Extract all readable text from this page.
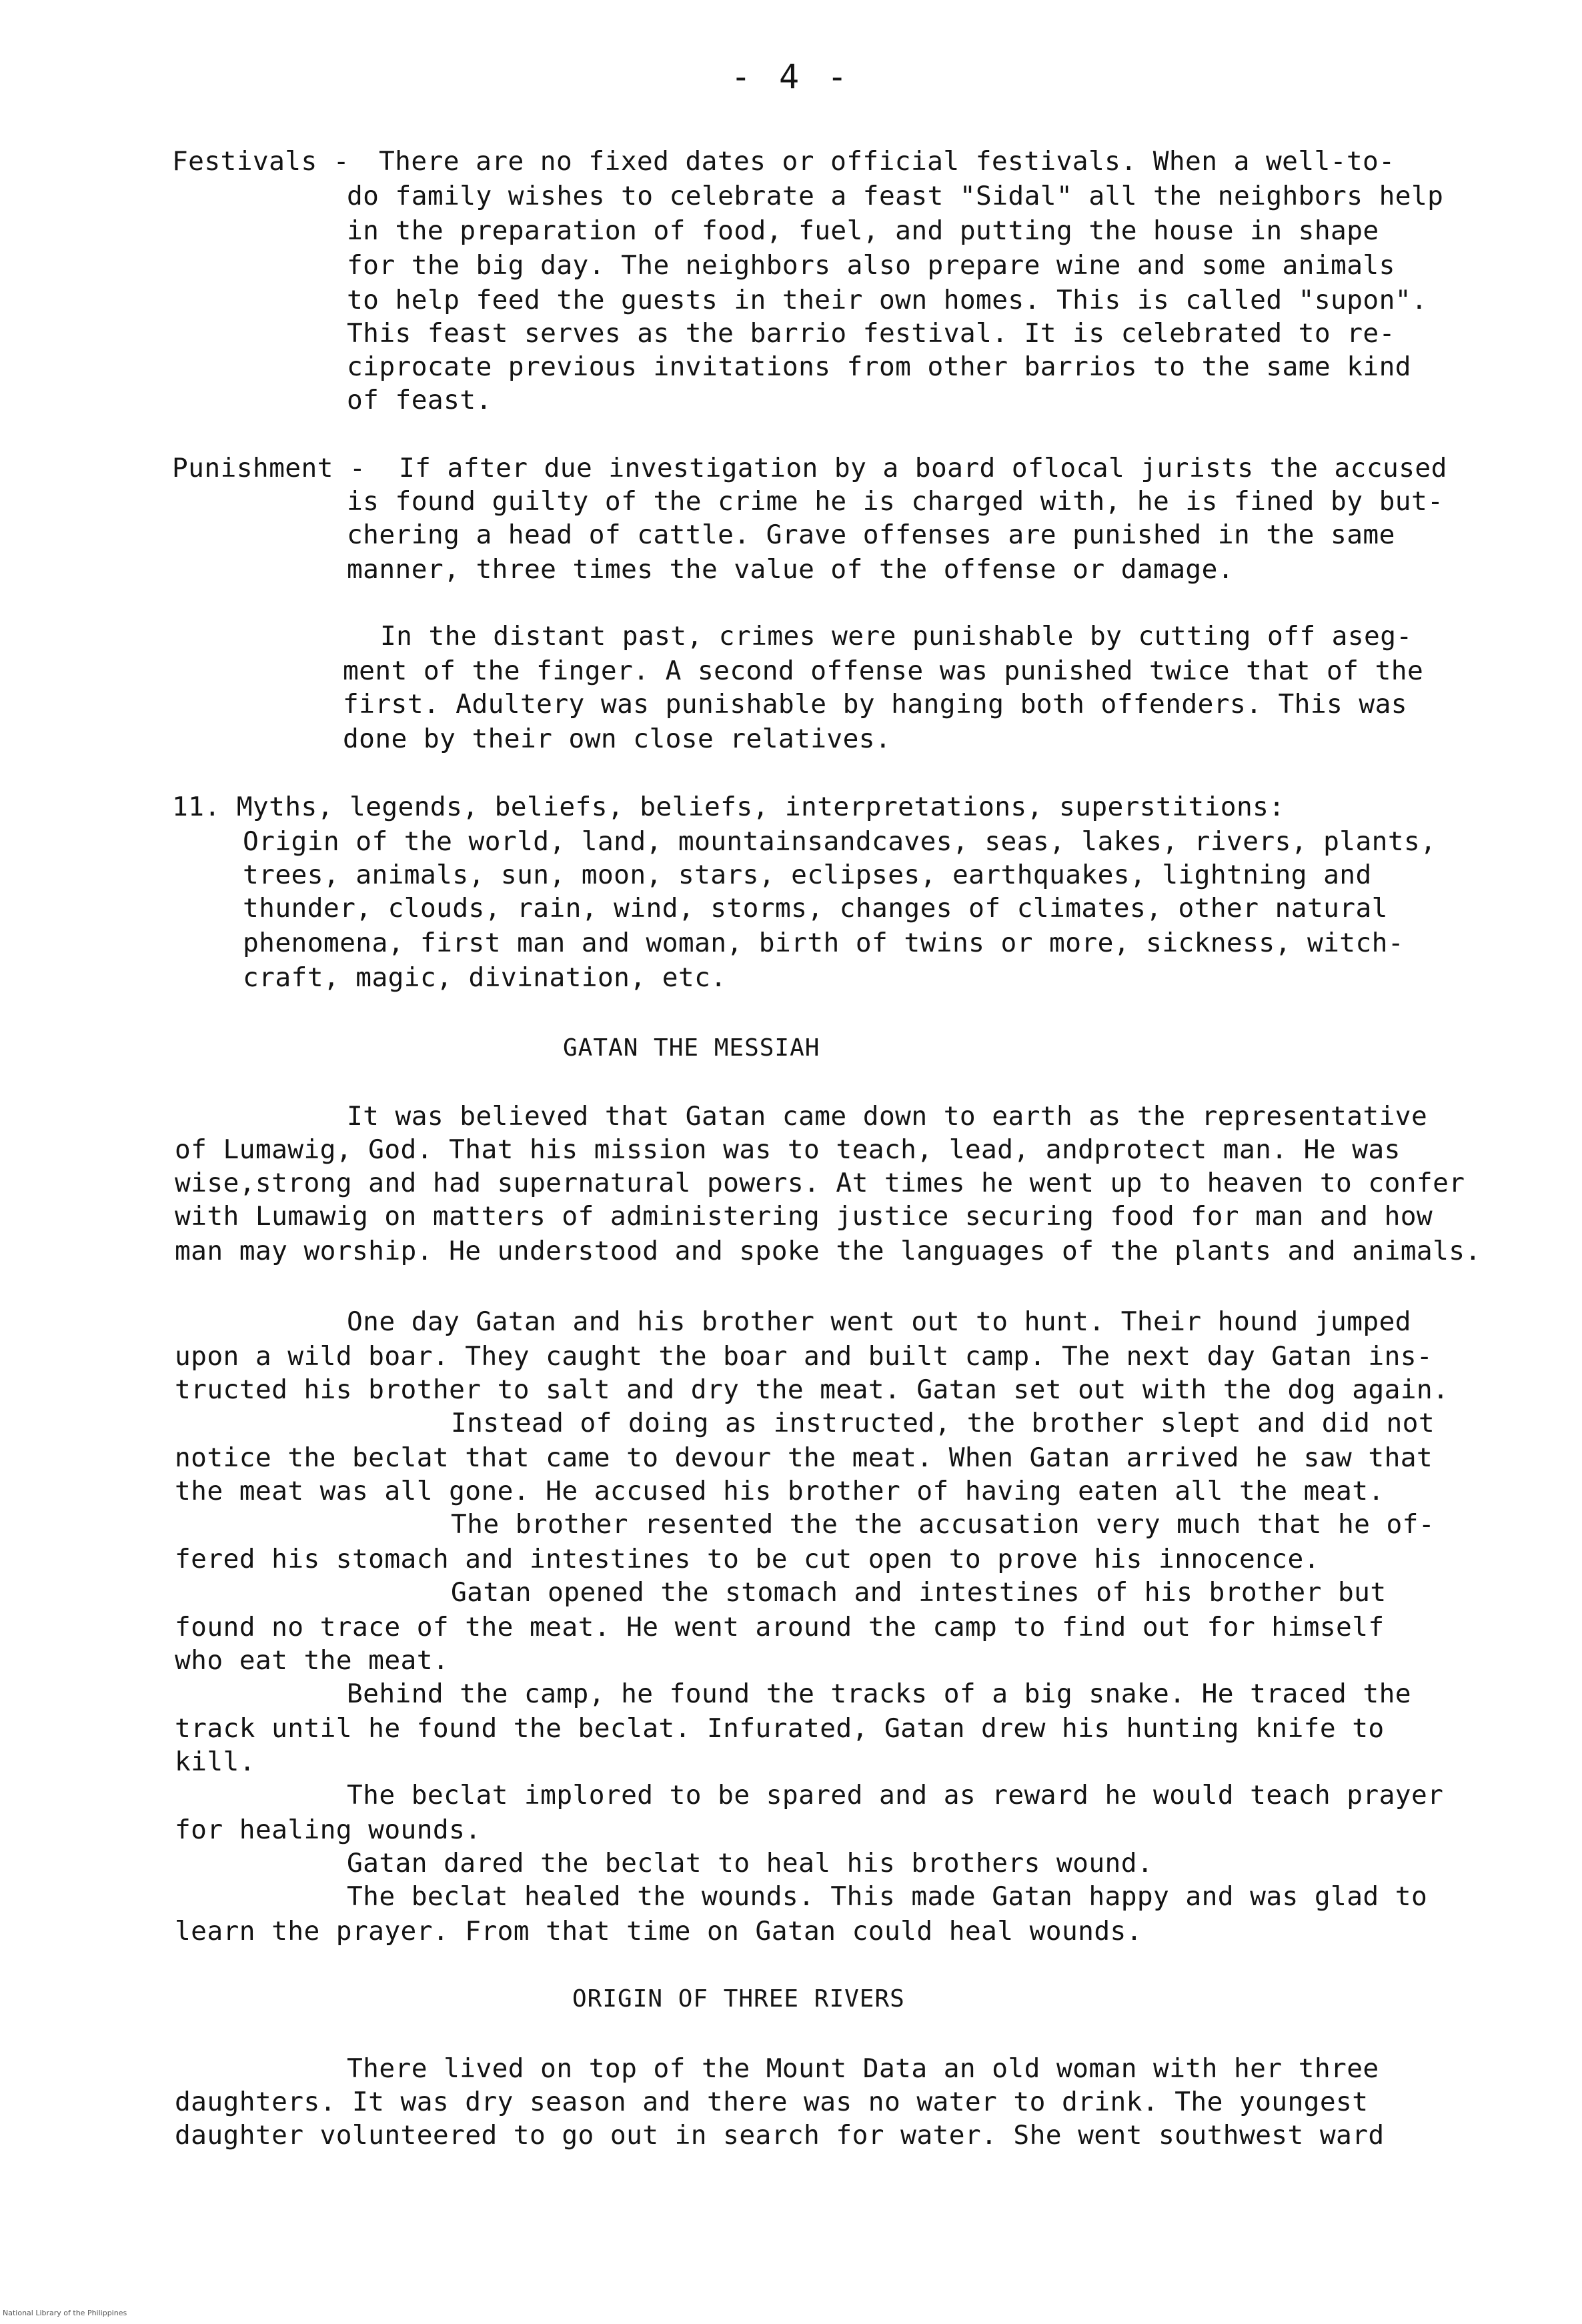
- 4 -
Festivals - There are no fixed dates or official festivals. When a well-to-
do family wishes to celebrate a feast "Sidal" all the neighbors help
in the preparation of food, fuel, and putting the house in shape
for the big day. The neighbors also prepare wine and some animals
to help feed the guests in their own homes. This is called "supon".
This feast serves as the barrio festival. It is celebrated to re-
ciprocate previous invitations from other barrios to the same kind
of feast.
Punishment - If after due investigation by a board oflocal jurists the accused
is found guilty of the crime he is charged with, he is fined by but-
chering a head of cattle. Grave offenses are punished in the same
manner, three times the value of the offense or damage.
In the distant past, crimes were punishable by cutting off aseg-
ment of the finger. A second offense was punished twice that of the
first. Adultery was punishable by hanging both offenders. This was
done by their own close relatives.
11. Myths, legends, beliefs, beliefs, interpretations, superstitions:
Origin of the world, land, mountainsandcaves, seas, lakes, rivers, plants,
trees, animals, sun, moon, stars, eclipses, earthquakes, lightning and
thunder, clouds, rain, wind, storms, changes of climates, other natural
phenomena, first man and woman, birth of twins or more, sickness, witch-
craft, magic, divination, etc.
GATAN THE MESSIAH
It was believed that Gatan came down to earth as the representative
of Lumawig, God. That his mission was to teach, lead, andprotect man. He was
wise,strong and had supernatural powers. At times he went up to heaven to confer
with Lumawig on matters of administering justice securing food for man and how
man may worship. He understood and spoke the languages of the plants and animals.
One day Gatan and his brother went out to hunt. Their hound jumped
upon a wild boar. They caught the boar and built camp. The next day Gatan ins-
tructed his brother to salt and dry the meat. Gatan set out with the dog again.
Instead of doing as instructed, the brother slept and did not
notice the beclat that came to devour the meat. When Gatan arrived he saw that
the meat was all gone. He accused his brother of having eaten all the meat.
The brother resented the the accusation very much that he of-
fered his stomach and intestines to be cut open to prove his innocence.
Gatan opened the stomach and intestines of his brother but
found no trace of the meat. He went around the camp to find out for himself
who eat the meat.
Behind the camp, he found the tracks of a big snake. He traced the
track until he found the beclat. Infurated, Gatan drew his hunting knife to
kill.
The beclat implored to be spared and as reward he would teach prayer
for healing wounds.
Gatan dared the beclat to heal his brothers wound.
The beclat healed the wounds. This made Gatan happy and was glad to
learn the prayer. From that time on Gatan could heal wounds.
ORIGIN OF THREE RIVERS
There lived on top of the Mount Data an old woman with her three
daughters. It was dry season and there was no water to drink. The youngest
daughter volunteered to go out in search for water. She went southwest ward
National Library of the Philippines
